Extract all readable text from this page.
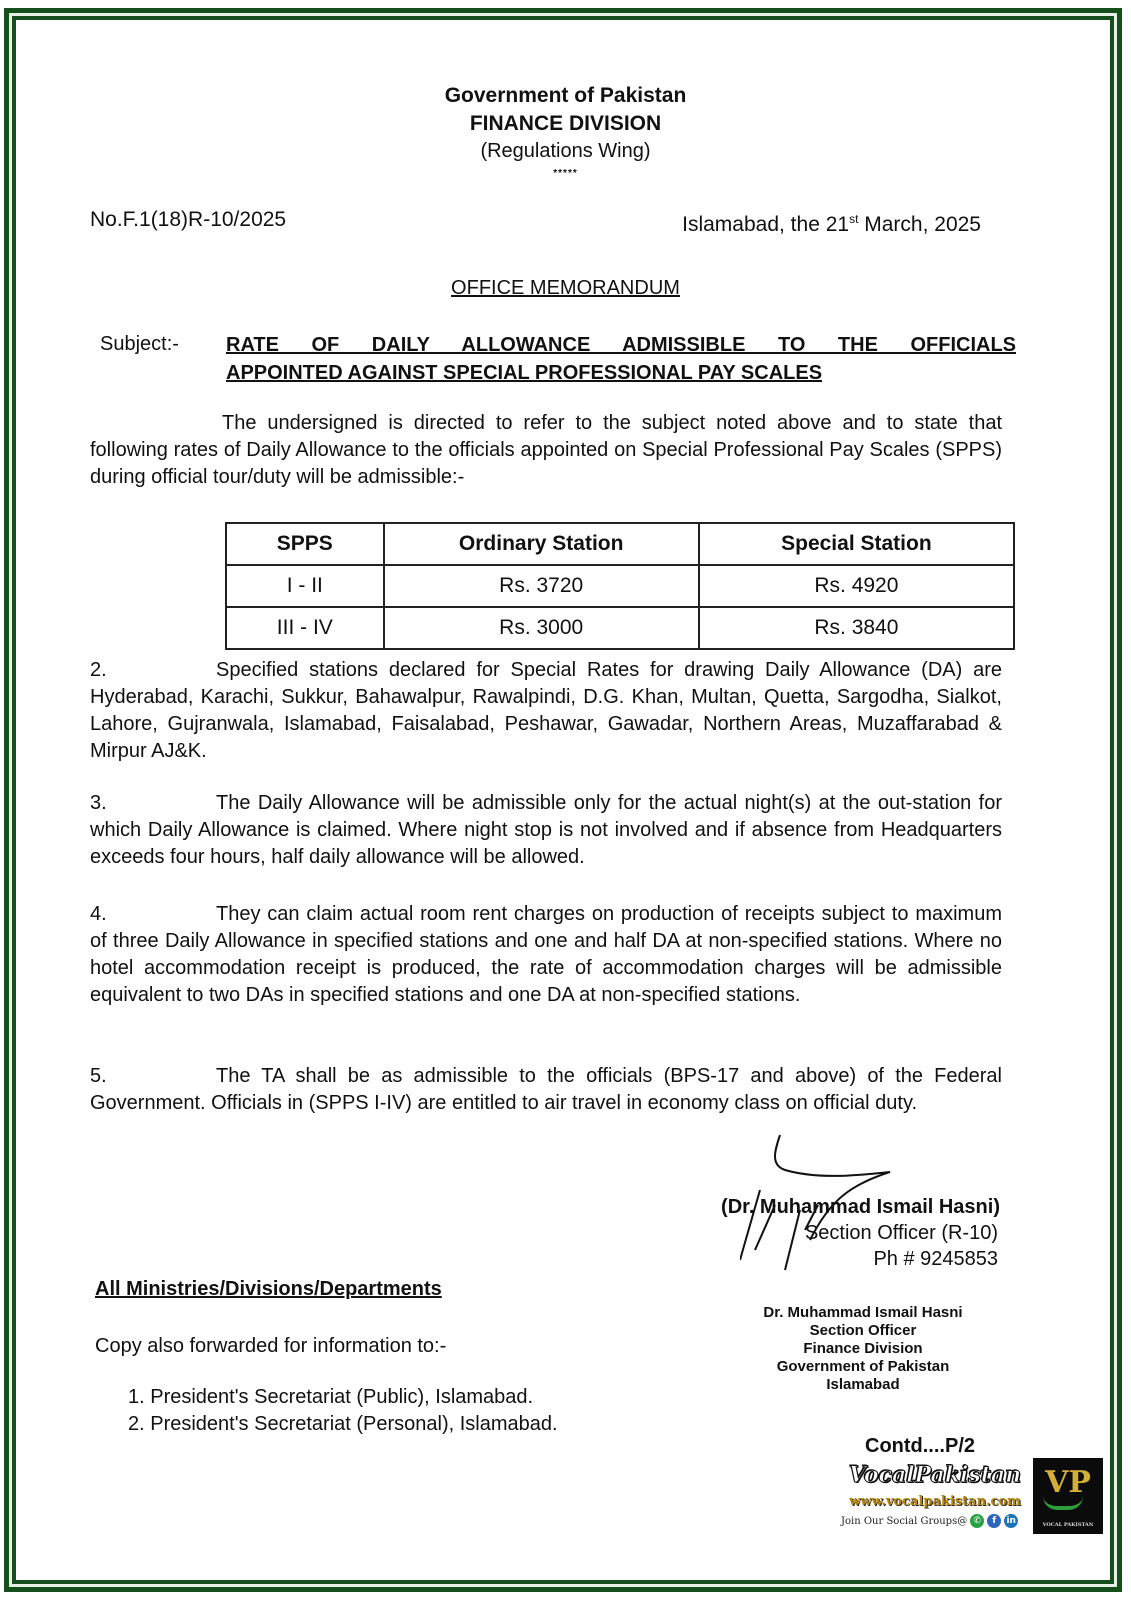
Government of Pakistan
FINANCE DIVISION
(Regulations Wing)
*****
No.F.1(18)R-10/2025	Islamabad, the 21st March, 2025
OFFICE MEMORANDUM
Subject:- RATE OF DAILY ALLOWANCE ADMISSIBLE TO THE OFFICIALS
APPOINTED AGAINST SPECIAL PROFESSIONAL PAY SCALES
The undersigned is directed to refer to the subject noted above and to state that following rates of Daily Allowance to the officials appointed on Special Professional Pay Scales (SPPS) during official tour/duty will be admissible:-
SPPS	Ordinary Station	Special Station
I - II	Rs. 3720	Rs. 4920
III - IV	Rs. 3000	Rs. 3840
2.	Specified stations declared for Special Rates for drawing Daily Allowance (DA) are Hyderabad, Karachi, Sukkur, Bahawalpur, Rawalpindi, D.G. Khan, Multan, Quetta, Sargodha, Sialkot, Lahore, Gujranwala, Islamabad, Faisalabad, Peshawar, Gawadar, Northern Areas, Muzaffarabad & Mirpur AJ&K.
3.	The Daily Allowance will be admissible only for the actual night(s) at the out-station for which Daily Allowance is claimed. Where night stop is not involved and if absence from Headquarters exceeds four hours, half daily allowance will be allowed.
4.	They can claim actual room rent charges on production of receipts subject to maximum of three Daily Allowance in specified stations and one and half DA at non-specified stations. Where no hotel accommodation receipt is produced, the rate of accommodation charges will be admissible equivalent to two DAs in specified stations and one DA at non-specified stations.
5.	The TA shall be as admissible to the officials (BPS-17 and above) of the Federal Government. Officials in (SPPS I-IV) are entitled to air travel in economy class on official duty.
(Dr. Muhammad Ismail Hasni)
Section Officer (R-10)
Ph # 9245853
Dr. Muhammad Ismail Hasni
Section Officer
Finance Division
Government of Pakistan
Islamabad
All Ministries/Divisions/Departments
Copy also forwarded for information to:-
1. President's Secretariat (Public), Islamabad.
2. President's Secretariat (Personal), Islamabad.
Contd....P/2
VocalPakistan
www.vocalpakistan.com
Join Our Social Groups@ ✆	f	in
VP
VOCAL PAKISTAN
